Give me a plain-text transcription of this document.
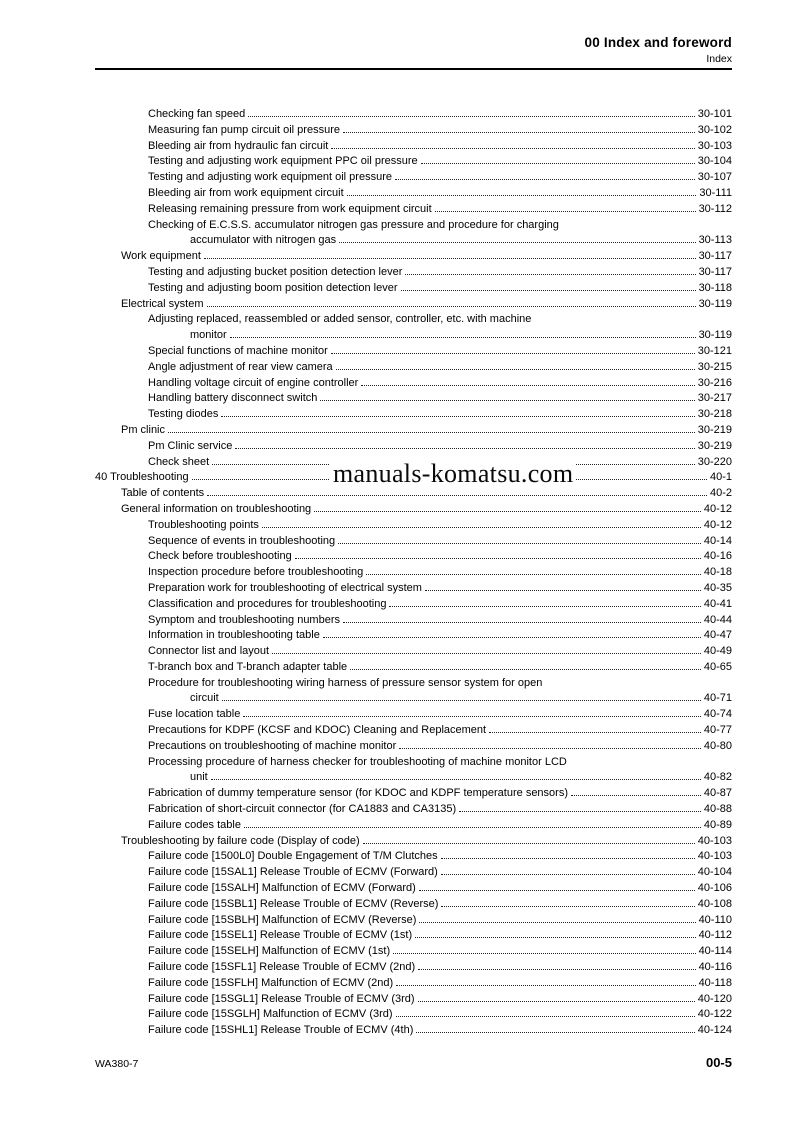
00 Index and foreword
Index
Checking fan speed	30-101
Measuring fan pump circuit oil pressure	30-102
Bleeding air from hydraulic fan circuit	30-103
Testing and adjusting work equipment PPC oil pressure	30-104
Testing and adjusting work equipment oil pressure	30-107
Bleeding air from work equipment circuit	30-111
Releasing remaining pressure from work equipment circuit	30-112
Checking of E.C.S.S. accumulator nitrogen gas pressure and procedure for charging
accumulator with nitrogen gas	30-113
Work equipment	30-117
Testing and adjusting bucket position detection lever	30-117
Testing and adjusting boom position detection lever	30-118
Electrical system	30-119
Adjusting replaced, reassembled or added sensor, controller, etc. with machine
monitor	30-119
Special functions of machine monitor	30-121
Angle adjustment of rear view camera	30-215
Handling voltage circuit of engine controller	30-216
Handling battery disconnect switch	30-217
Testing diodes	30-218
Pm clinic	30-219
Pm Clinic service	30-219
Check sheet	30-220
40 Troubleshooting	40-1
Table of contents	40-2
General information on troubleshooting	40-12
Troubleshooting points	40-12
Sequence of events in troubleshooting	40-14
Check before troubleshooting	40-16
Inspection procedure before troubleshooting	40-18
Preparation work for troubleshooting of electrical system	40-35
Classification and procedures for troubleshooting	40-41
Symptom and troubleshooting numbers	40-44
Information in troubleshooting table	40-47
Connector list and layout	40-49
T-branch box and T-branch adapter table	40-65
Procedure for troubleshooting wiring harness of pressure sensor system for open
circuit	40-71
Fuse location table	40-74
Precautions for KDPF (KCSF and KDOC) Cleaning and Replacement	40-77
Precautions on troubleshooting of machine monitor	40-80
Processing procedure of harness checker for troubleshooting of machine monitor LCD
unit	40-82
Fabrication of dummy temperature sensor (for KDOC and KDPF temperature sensors)	40-87
Fabrication of short-circuit connector (for CA1883 and CA3135)	40-88
Failure codes table	40-89
Troubleshooting by failure code (Display of code)	40-103
Failure code [1500L0] Double Engagement of T/M Clutches	40-103
Failure code [15SAL1] Release Trouble of ECMV (Forward)	40-104
Failure code [15SALH] Malfunction of ECMV (Forward)	40-106
Failure code [15SBL1] Release Trouble of ECMV (Reverse)	40-108
Failure code [15SBLH] Malfunction of ECMV (Reverse)	40-110
Failure code [15SEL1] Release Trouble of ECMV (1st)	40-112
Failure code [15SELH] Malfunction of ECMV (1st)	40-114
Failure code [15SFL1] Release Trouble of ECMV (2nd)	40-116
Failure code [15SFLH] Malfunction of ECMV (2nd)	40-118
Failure code [15SGL1] Release Trouble of ECMV (3rd)	40-120
Failure code [15SGLH] Malfunction of ECMV (3rd)	40-122
Failure code [15SHL1] Release Trouble of ECMV (4th)	40-124
manuals-komatsu.com
WA380-7	00-5
